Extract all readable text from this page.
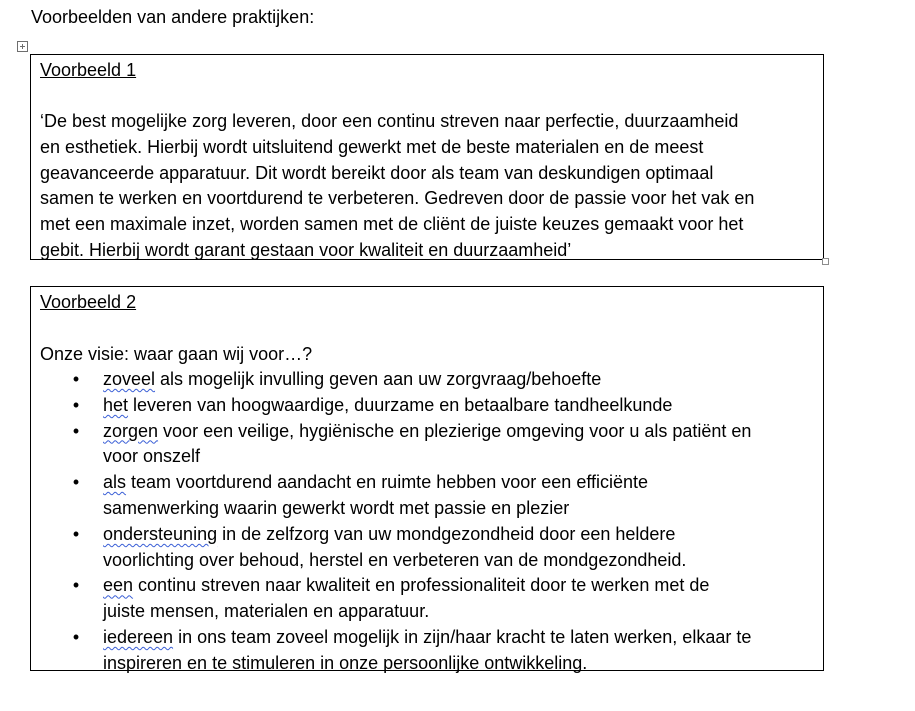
Voorbeelden van andere praktijken:
Voorbeeld 1
‘De best mogelijke zorg leveren, door een continu streven naar perfectie, duurzaamheid
en esthetiek. Hierbij wordt uitsluitend gewerkt met de beste materialen en de meest
geavanceerde apparatuur. Dit wordt bereikt door als team van deskundigen optimaal
samen te werken en voortdurend te verbeteren. Gedreven door de passie voor het vak en
met een maximale inzet, worden samen met de cliënt de juiste keuzes gemaakt voor het
gebit. Hierbij wordt garant gestaan voor kwaliteit en duurzaamheid’
Voorbeeld 2
Onze visie: waar gaan wij voor…?
• zoveel als mogelijk invulling geven aan uw zorgvraag/behoefte
• het leveren van hoogwaardige, duurzame en betaalbare tandheelkunde
• zorgen voor een veilige, hygiënische en plezierige omgeving voor u als patiënt en
voor onszelf
• als team voortdurend aandacht en ruimte hebben voor een efficiënte
samenwerking waarin gewerkt wordt met passie en plezier
• ondersteuning in de zelfzorg van uw mondgezondheid door een heldere
voorlichting over behoud, herstel en verbeteren van de mondgezondheid.
• een continu streven naar kwaliteit en professionaliteit door te werken met de
juiste mensen, materialen en apparatuur.
• iedereen in ons team zoveel mogelijk in zijn/haar kracht te laten werken, elkaar te
inspireren en te stimuleren in onze persoonlijke ontwikkeling.
